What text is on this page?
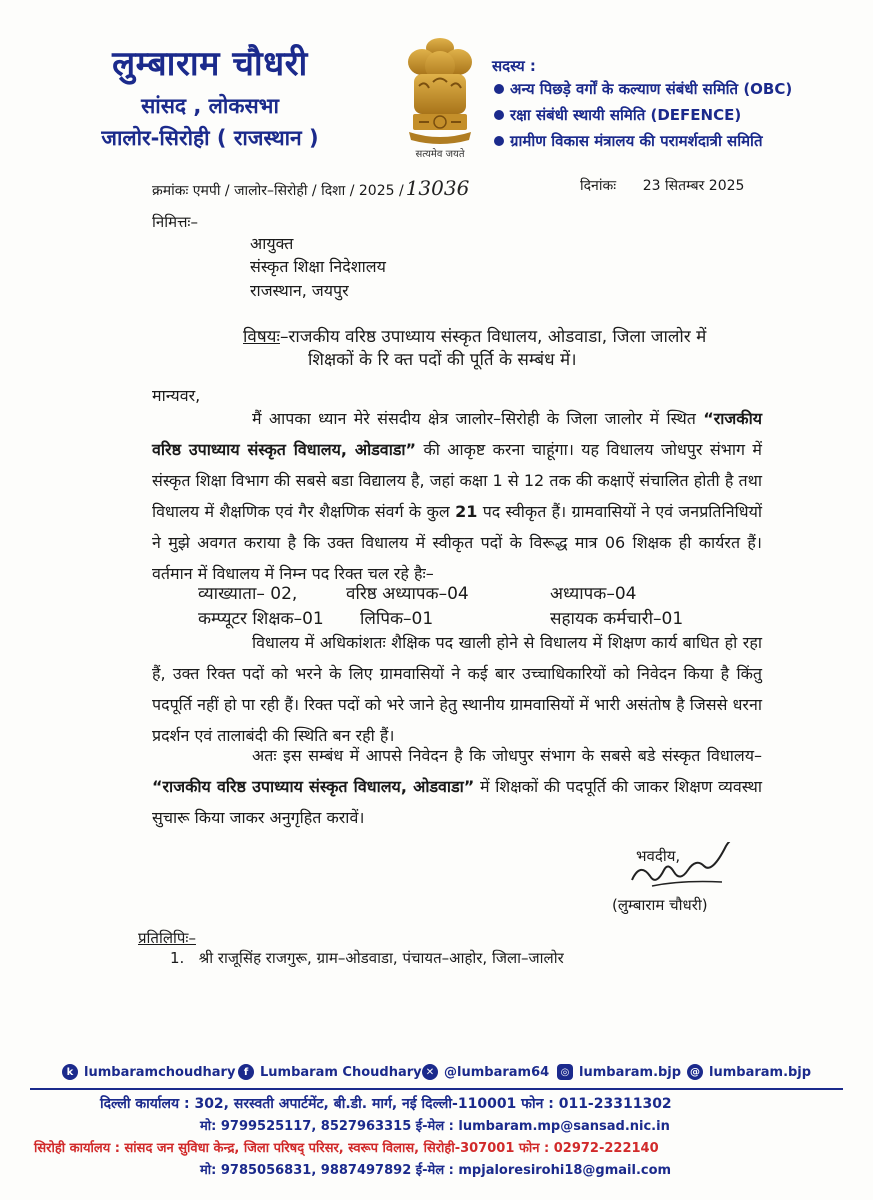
लुम्बाराम चौधरी
सांसद , लोकसभा
जालोर-सिरोही ( राजस्थान )
सत्यमेव जयते
सदस्य :
अन्य पिछड़े वर्गों के कल्याण संबंधी समिति (OBC)
रक्षा संबंधी स्थायी समिति (DEFENCE)
ग्रामीण विकास मंत्रालय की परामर्शदात्री समिति
क्रमांकः एमपी / जालोर–सिरोही / दिशा / 2025 / 13036	दिनांकः      23 सितम्बर 2025
निमित्तः–
आयुक्त
संस्कृत शिक्षा निदेशालय
राजस्थान, जयपुर
विषयः–राजकीय वरिष्ठ उपाध्याय संस्कृत विधालय, ओडवाडा, जिला जालोर में
शिक्षकों के रि क्त पदों की पूर्ति के सम्बंध में।
मान्यवर,
मैं आपका ध्यान मेरे संसदीय क्षेत्र जालोर–सिरोही के जिला जालोर में स्थित “राजकीय वरिष्ठ उपाध्याय संस्कृत विधालय, ओडवाडा” की आकृष्ट करना चाहूंगा। यह विधालय जोधपुर संभाग में संस्कृत शिक्षा विभाग की सबसे बडा विद्यालय है, जहां कक्षा 1 से 12 तक की कक्षाऐं संचालित होती है तथा विधालय में शैक्षणिक एवं गैर शैक्षणिक संवर्ग के कुल 21 पद स्वीकृत हैं। ग्रामवासियों ने एवं जनप्रतिनिधियों ने मुझे अवगत कराया है कि उक्त विधालय में स्वीकृत पदों के विरूद्ध मात्र 06 शिक्षक ही कार्यरत हैं। वर्तमान में विधालय में निम्न पद रिक्त चल रहे हैः–
व्याख्याता– 02,	वरिष्ठ अध्यापक–04	अध्यापक–04
कम्प्यूटर शिक्षक–01 लिपिक–01	सहायक कर्मचारी–01
विधालय में अधिकांशतः शैक्षिक पद खाली होने से विधालय में शिक्षण कार्य बाधित हो रहा हैं, उक्त रिक्त पदों को भरने के लिए ग्रामवासियों ने कई बार उच्चाधिकारियों को निवेदन किया है किंतु पदपूर्ति नहीं हो पा रही हैं। रिक्त पदों को भरे जाने हेतु स्थानीय ग्रामवासियों में भारी असंतोष है जिससे धरना प्रदर्शन एवं तालाबंदी की स्थिति बन रही हैं।
अतः इस सम्बंध में आपसे निवेदन है कि जोधपुर संभाग के सबसे बडे संस्कृत विधालय– “राजकीय वरिष्ठ उपाध्याय संस्कृत विधालय, ओडवाडा” में शिक्षकों की पदपूर्ति की जाकर शिक्षण व्यवस्था सुचारू किया जाकर अनुगृहित करावें।
भवदीय,
(लुम्बाराम चौधरी)
प्रतिलिपिः–
1.   श्री राजूसिंह राजगुरू, ग्राम–ओडवाडा, पंचायत–आहोर, जिला–जालोर
k lumbaramchoudhary f Lumbaram Choudhary ✕ @lumbaram64	◎ lumbaram.bjp @ lumbaram.bjp
दिल्ली कार्यालय : 302, सरस्वती अपार्टमेंट, बी.डी. मार्ग, नई दिल्ली-110001 फोन : 011-23311302
मो: 9799525117, 8527963315 ई-मेल : lumbaram.mp@sansad.nic.in
सिरोही कार्यालय : सांसद जन सुविधा केन्द्र, जिला परिषद् परिसर, स्वरूप विलास, सिरोही-307001 फोन : 02972-222140
मो: 9785056831, 9887497892 ई-मेल : mpjaloresirohi18@gmail.com
